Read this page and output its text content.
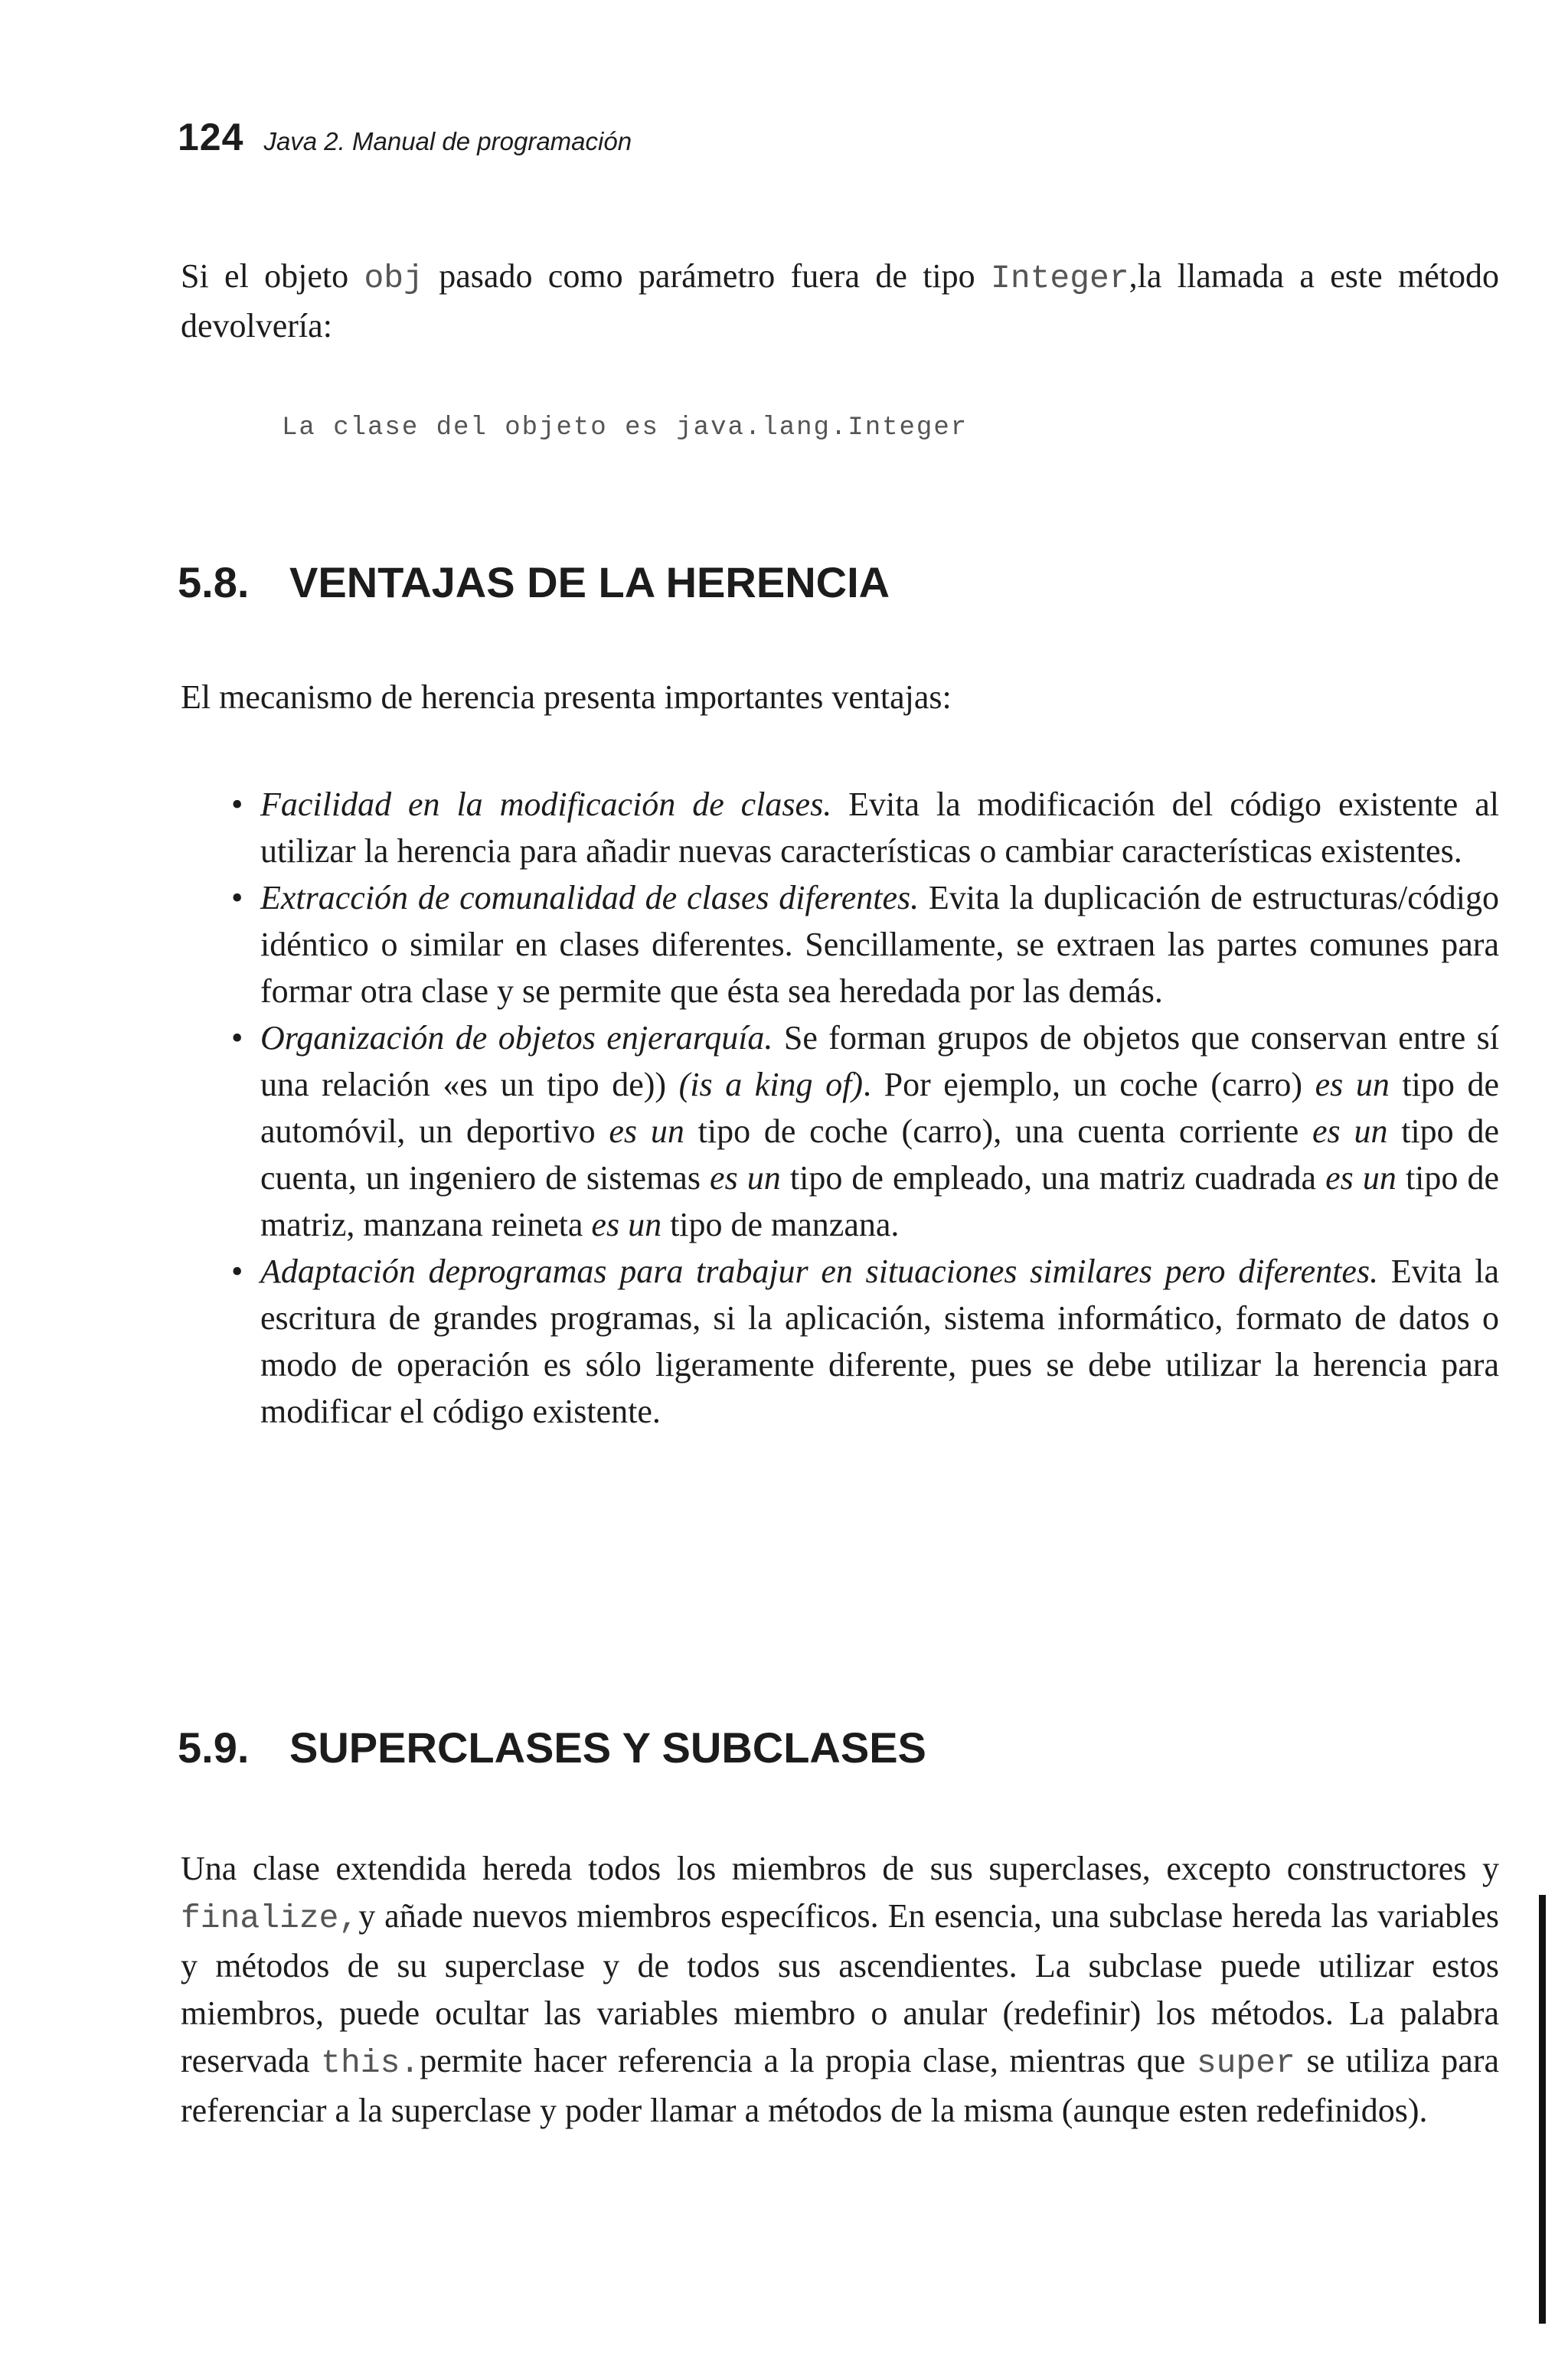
124 Java 2. Manual de programación

Si el objeto obj pasado como parámetro fuera de tipo Integer,la llamada a este método devolvería:

La clase del objeto es java.lang.Integer
5.8. VENTAJAS DE LA HERENCIA

El mecanismo de herencia presenta importantes ventajas:

• Facilidad en la modificación de clases. Evita la modificación del código existente al utilizar la herencia para añadir nuevas características o cambiar características existentes.
• Extracción de comunalidad de clases diferentes. Evita la duplicación de estructuras/código idéntico o similar en clases diferentes. Sencillamente, se extraen las partes comunes para formar otra clase y se permite que ésta sea heredada por las demás.
• Organización de objetos enjerarquía. Se forman grupos de objetos que conservan entre sí una relación «es un tipo de)) (is a king of). Por ejemplo, un coche (carro) es un tipo de automóvil, un deportivo es un tipo de coche (carro), una cuenta corriente es un tipo de cuenta, un ingeniero de sistemas es un tipo de empleado, una matriz cuadrada es un tipo de matriz, manzana reineta es un tipo de manzana.
• Adaptación deprogramas para trabajur en situaciones similares pero diferentes. Evita la escritura de grandes programas, si la aplicación, sistema informático, formato de datos o modo de operación es sólo ligeramente diferente, pues se debe utilizar la herencia para modificar el código existente.
5.9. SUPERCLASES Y SUBCLASES

Una clase extendida hereda todos los miembros de sus superclases, excepto constructores y finalize,y añade nuevos miembros específicos. En esencia, una subclase hereda las variables y métodos de su superclase y de todos sus ascendientes. La subclase puede utilizar estos miembros, puede ocultar las variables miembro o anular (redefinir) los métodos. La palabra reservada this.permite hacer referencia a la propia clase, mientras que super se utiliza para referenciar a la superclase y poder llamar a métodos de la misma (aunque esten redefinidos).
